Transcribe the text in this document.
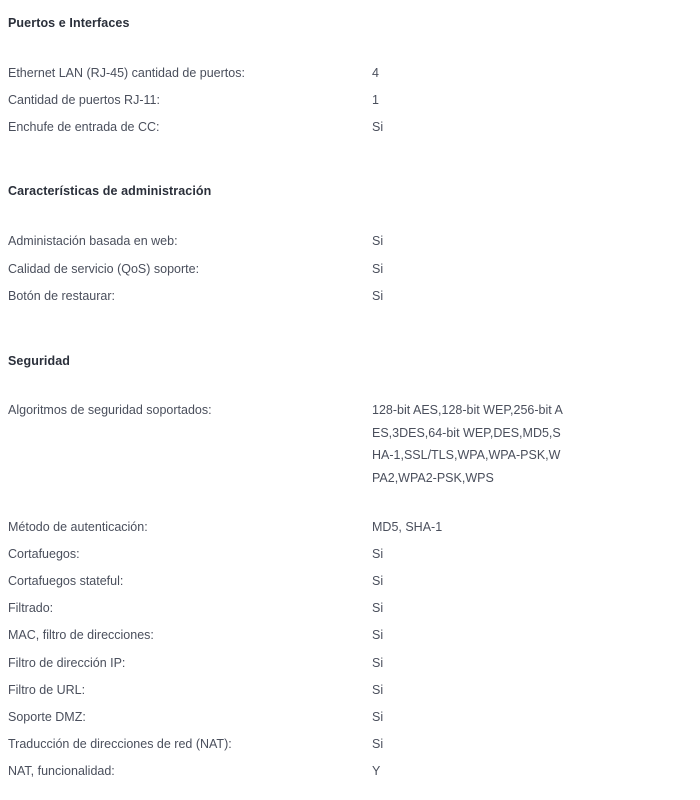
Puertos e Interfaces
Ethernet LAN (RJ-45) cantidad de puertos:	4
Cantidad de puertos RJ-11:	1
Enchufe de entrada de CC:	Si
Características de administración
Administación basada en web:	Si
Calidad de servicio (QoS) soporte:	Si
Botón de restaurar:	Si
Seguridad
Algoritmos de seguridad soportados:	128-bit AES,128-bit WEP,256-bit AES,3DES,64-bit WEP,DES,MD5,SHA-1,SSL/TLS,WPA,WPA-PSK,WPA2,WPA2-PSK,WPS
Método de autenticación:	MD5, SHA-1
Cortafuegos:	Si
Cortafuegos stateful:	Si
Filtrado:	Si
MAC, filtro de direcciones:	Si
Filtro de dirección IP:	Si
Filtro de URL:	Si
Soporte DMZ:	Si
Traducción de direcciones de red (NAT):	Si
NAT, funcionalidad:	Y
